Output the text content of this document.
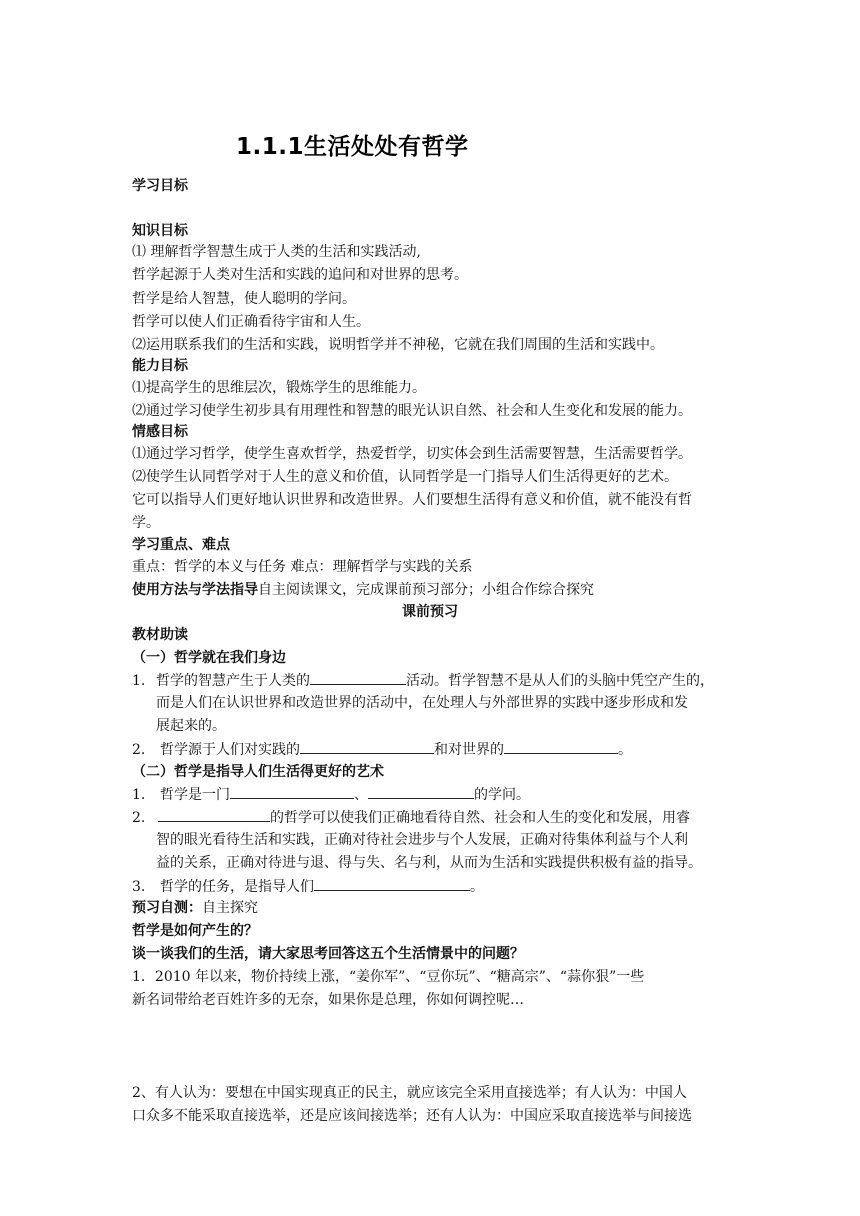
1.1.1生活处处有哲学
学习目标
知识目标
⑴ 理解哲学智慧生成于人类的生活和实践活动,
哲学起源于人类对生活和实践的追问和对世界的思考。
哲学是给人智慧，使人聪明的学问。
哲学可以使人们正确看待宇宙和人生。
⑵运用联系我们的生活和实践，说明哲学并不神秘，它就在我们周围的生活和实践中。
能力目标
⑴提高学生的思维层次，锻炼学生的思维能力。
⑵通过学习使学生初步具有用理性和智慧的眼光认识自然、社会和人生变化和发展的能力。
情感目标
⑴通过学习哲学，使学生喜欢哲学，热爱哲学，切实体会到生活需要智慧，生活需要哲学。
⑵使学生认同哲学对于人生的意义和价值，认同哲学是一门指导人们生活得更好的艺术。
它可以指导人们更好地认识世界和改造世界。人们要想生活得有意义和价值，就不能没有哲
学。
学习重点、难点
重点：哲学的本义与任务 难点：理解哲学与实践的关系
使用方法与学法指导自主阅读课文，完成课前预习部分；小组合作综合探究
课前预习
教材助读
（一）哲学就在我们身边
1. 哲学的智慧产生于人类的	活动。哲学智慧不是从人们的头脑中凭空产生的，
而是人们在认识世界和改造世界的活动中，在处理人与外部世界的实践中逐步形成和发
展起来的。
2. 哲学源于人们对实践的	和对世界的	。
（二）哲学是指导人们生活得更好的艺术
1. 哲学是一门	、	的学问。
2.	的哲学可以使我们正确地看待自然、社会和人生的变化和发展，用睿
智的眼光看待生活和实践，正确对待社会进步与个人发展，正确对待集体利益与个人利
益的关系，正确对待进与退、得与失、名与利，从而为生活和实践提供积极有益的指导。
3. 哲学的任务，是指导人们	。
预习自测：自主探究
哲学是如何产生的？
谈一谈我们的生活，请大家思考回答这五个生活情景中的问题？
1．2010 年以来，物价持续上涨，“姜你军”、“豆你玩”、“糖高宗”、“蒜你狠”一些
新名词带给老百姓许多的无奈，如果你是总理，你如何调控呢…
2、有人认为：要想在中国实现真正的民主，就应该完全采用直接选举；有人认为：中国人
口众多不能采取直接选举，还是应该间接选举；还有人认为：中国应采取直接选举与间接选
